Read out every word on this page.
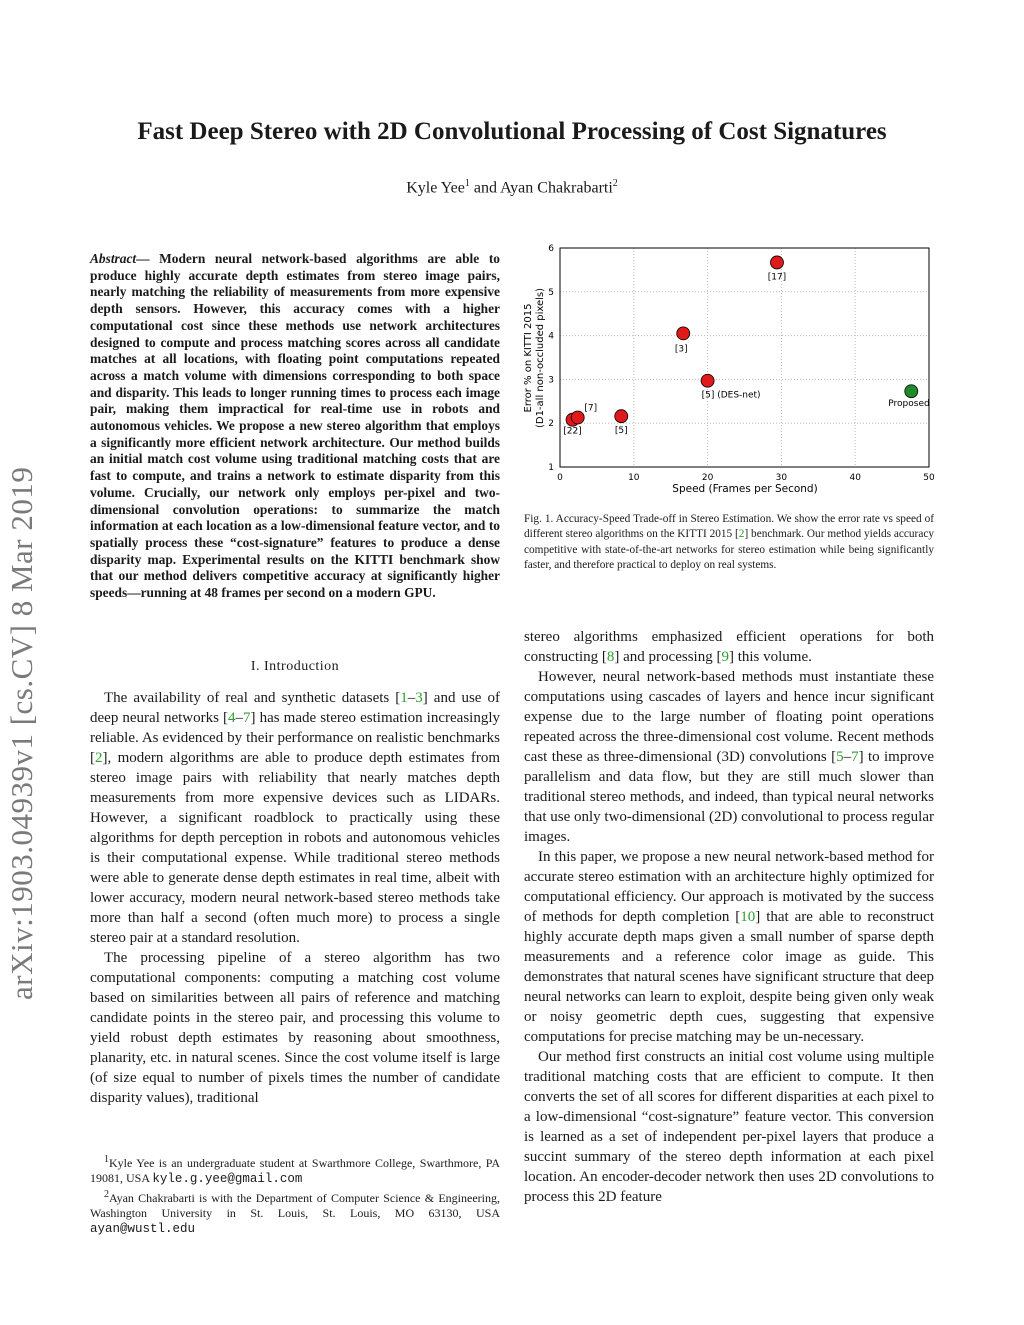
Fast Deep Stereo with 2D Convolutional Processing of Cost Signatures
Kyle Yee$^1$ and Ayan Chakrabarti$^2$
arXiv:1903.04939v1 [cs.CV] 8 Mar 2019
Abstract— Modern neural network-based algorithms are able to produce highly accurate depth estimates from stereo image pairs, nearly matching the reliability of measurements from more expensive depth sensors. However, this accuracy comes with a higher computational cost since these methods use network architectures designed to compute and process matching scores across all candidate matches at all locations, with floating point computations repeated across a match volume with dimensions corresponding to both space and disparity. This leads to longer running times to process each image pair, making them impractical for real-time use in robots and autonomous vehicles. We propose a new stereo algorithm that employs a significantly more efficient network architecture. Our method builds an initial match cost volume using traditional matching costs that are fast to compute, and trains a network to estimate disparity from this volume. Crucially, our network only employs per-pixel and two-dimensional convolution operations: to summarize the match information at each location as a low-dimensional feature vector, and to spatially process these “cost-signature” features to produce a dense disparity map. Experimental results on the KITTI benchmark show that our method delivers competitive accuracy at significantly higher speeds—running at 48 frames per second on a modern GPU.
I. Introduction

The availability of real and synthetic datasets [1–3] and use of deep neural networks [4–7] has made stereo estimation increasingly reliable. As evidenced by their performance on realistic benchmarks [2], modern algorithms are able to produce depth estimates from stereo image pairs with reliability that nearly matches depth measurements from more expensive devices such as LIDARs. However, a significant roadblock to practically using these algorithms for depth perception in robots and autonomous vehicles is their computational expense. While traditional stereo methods were able to generate dense depth estimates in real time, albeit with lower accuracy, modern neural network-based stereo methods take more than half a second (often much more) to process a single stereo pair at a standard resolution.

The processing pipeline of a stereo algorithm has two computational components: computing a matching cost volume based on similarities between all pairs of reference and matching candidate points in the stereo pair, and processing this volume to yield robust depth estimates by reasoning about smoothness, planarity, etc. in natural scenes. Since the cost volume itself is large (of size equal to number of pixels times the number of candidate disparity values), traditional

$^1$Kyle Yee is an undergraduate student at Swarthmore College, Swarthmore, PA 19081, USA kyle.g.yee@gmail.com

$^2$Ayan Chakrabarti is with the Department of Computer Science & Engineering, Washington University in St. Louis, St. Louis, MO 63130, USA ayan@wustl.edu

0	10	20	30	40	50
1
2
3
4
5
6
[22]
[7]
[5]
[3]
[5] (DES-net)
[17]
Proposed
Speed (Frames per Second)
Error % on KITTI 2015 (D1-all non-occluded pixels)
Fig. 1. Accuracy-Speed Trade-off in Stereo Estimation. We show the error rate vs speed of different stereo algorithms on the KITTI 2015 [2] benchmark. Our method yields accuracy competitive with state-of-the-art networks for stereo estimation while being significantly faster, and therefore practical to deploy on real systems.

stereo algorithms emphasized efficient operations for both constructing [8] and processing [9] this volume.

However, neural network-based methods must instantiate these computations using cascades of layers and hence incur significant expense due to the large number of floating point operations repeated across the three-dimensional cost volume. Recent methods cast these as three-dimensional (3D) convolutions [5–7] to improve parallelism and data flow, but they are still much slower than traditional stereo methods, and indeed, than typical neural networks that use only two-dimensional (2D) convolutional to process regular images.

In this paper, we propose a new neural network-based method for accurate stereo estimation with an architecture highly optimized for computational efficiency. Our approach is motivated by the success of methods for depth completion [10] that are able to reconstruct highly accurate depth maps given a small number of sparse depth measurements and a reference color image as guide. This demonstrates that natural scenes have significant structure that deep neural networks can learn to exploit, despite being given only weak or noisy geometric depth cues, suggesting that expensive computations for precise matching may be un-necessary.

Our method first constructs an initial cost volume using multiple traditional matching costs that are efficient to compute. It then converts the set of all scores for different disparities at each pixel to a low-dimensional “cost-signature” feature vector. This conversion is learned as a set of independent per-pixel layers that produce a succint summary of the stereo depth information at each pixel location. An encoder-decoder network then uses 2D convolutions to process this 2D feature
